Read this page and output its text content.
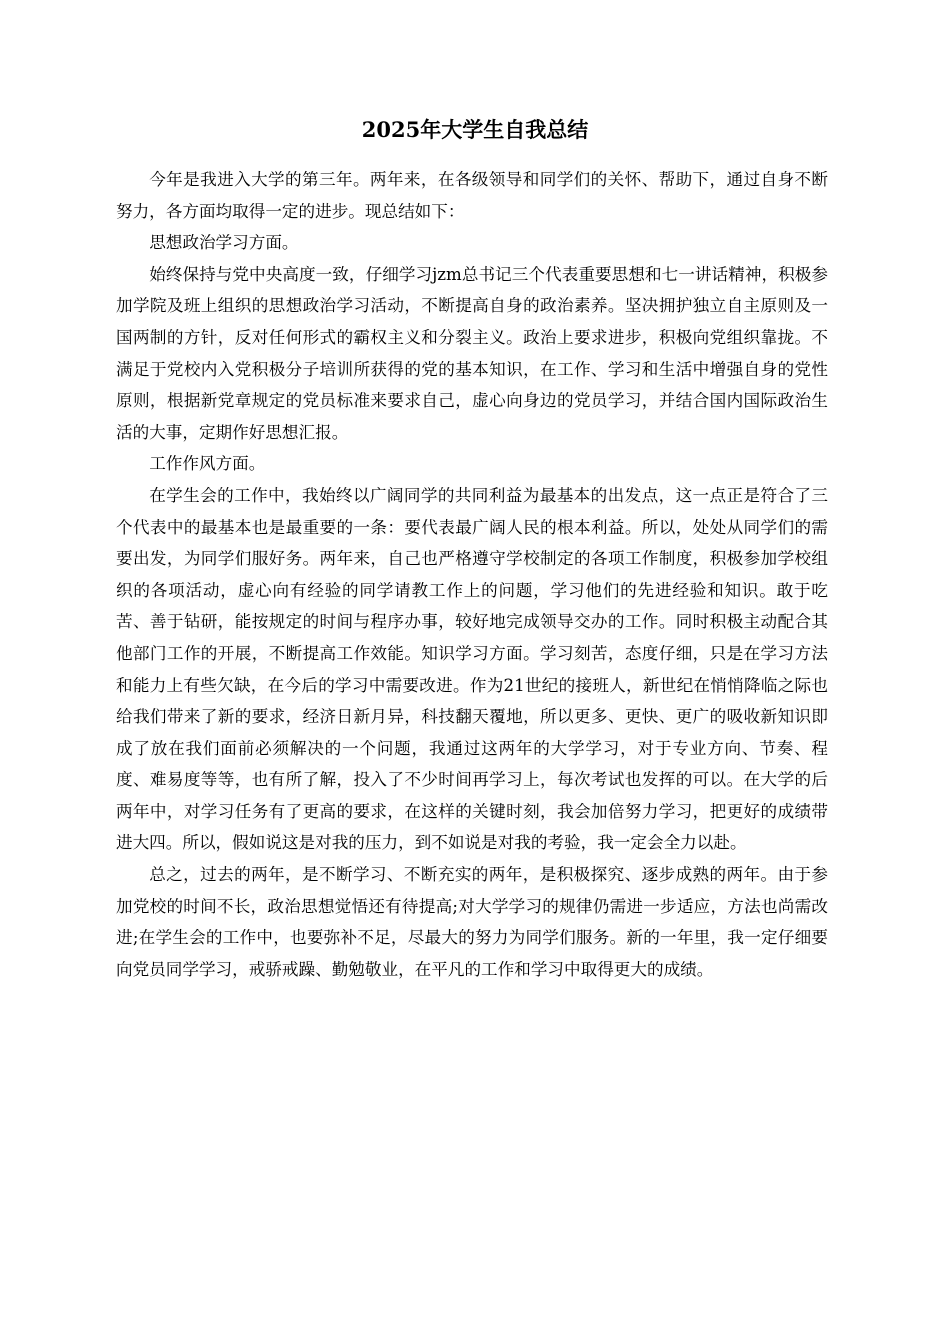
2025年大学生自我总结

今年是我进入大学的第三年。两年来，在各级领导和同学们的关怀、帮助下，通过自身不断努力，各方面均取得一定的进步。现总结如下：

思想政治学习方面。

始终保持与党中央高度一致，仔细学习jzm总书记三个代表重要思想和七一讲话精神，积极参加学院及班上组织的思想政治学习活动，不断提高自身的政治素养。坚决拥护独立自主原则及一国两制的方针，反对任何形式的霸权主义和分裂主义。政治上要求进步，积极向党组织靠拢。不满足于党校内入党积极分子培训所获得的党的基本知识，在工作、学习和生活中增强自身的党性原则，根据新党章规定的党员标准来要求自己，虚心向身边的党员学习，并结合国内国际政治生活的大事，定期作好思想汇报。

工作作风方面。

在学生会的工作中，我始终以广阔同学的共同利益为最基本的出发点，这一点正是符合了三个代表中的最基本也是最重要的一条：要代表最广阔人民的根本利益。所以，处处从同学们的需要出发，为同学们服好务。两年来，自己也严格遵守学校制定的各项工作制度，积极参加学校组织的各项活动，虚心向有经验的同学请教工作上的问题，学习他们的先进经验和知识。敢于吃苦、善于钻研，能按规定的时间与程序办事，较好地完成领导交办的工作。同时积极主动配合其他部门工作的开展，不断提高工作效能。知识学习方面。学习刻苦，态度仔细，只是在学习方法和能力上有些欠缺，在今后的学习中需要改进。作为21世纪的接班人，新世纪在悄悄降临之际也给我们带来了新的要求，经济日新月异，科技翻天覆地，所以更多、更快、更广的吸收新知识即成了放在我们面前必须解决的一个问题，我通过这两年的大学学习，对于专业方向、节奏、程度、难易度等等，也有所了解，投入了不少时间再学习上，每次考试也发挥的可以。在大学的后两年中，对学习任务有了更高的要求，在这样的关键时刻，我会加倍努力学习，把更好的成绩带进大四。所以，假如说这是对我的压力，到不如说是对我的考验，我一定会全力以赴。

总之，过去的两年，是不断学习、不断充实的两年，是积极探究、逐步成熟的两年。由于参加党校的时间不长，政治思想觉悟还有待提高;对大学学习的规律仍需进一步适应，方法也尚需改进;在学生会的工作中，也要弥补不足，尽最大的努力为同学们服务。新的一年里，我一定仔细要向党员同学学习，戒骄戒躁、勤勉敬业，在平凡的工作和学习中取得更大的成绩。
